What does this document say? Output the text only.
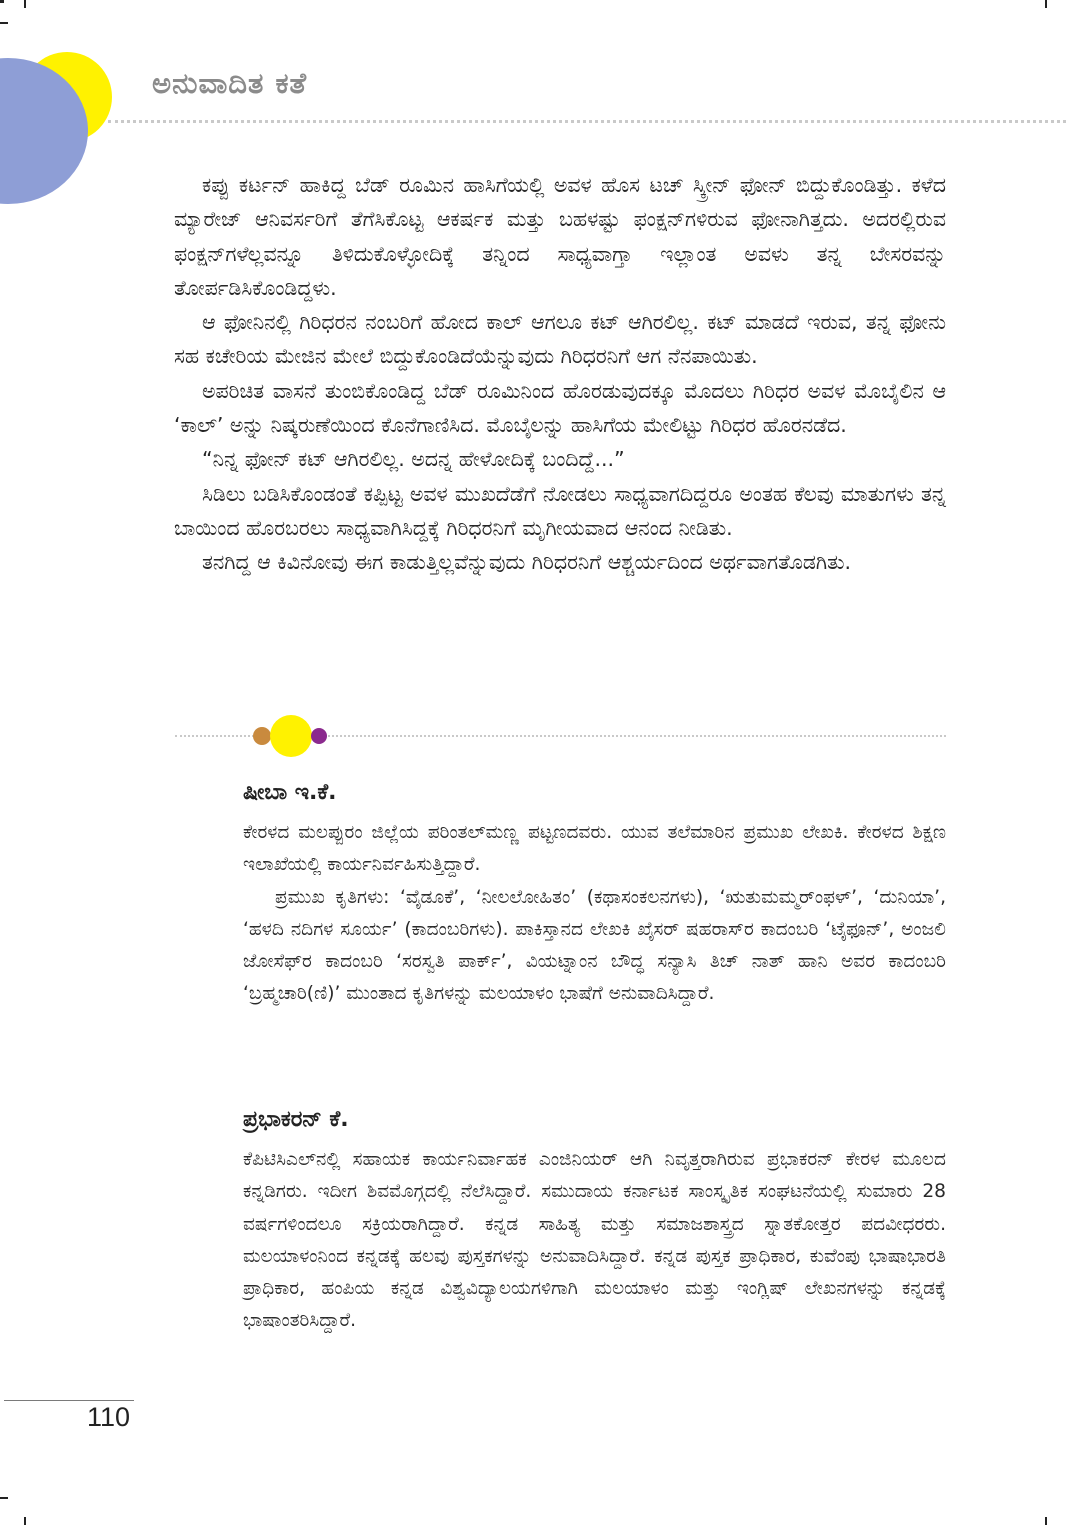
ಅನುವಾದಿತ ಕತೆ

ಕಪ್ಪು ಕರ್ಟನ್ ಹಾಕಿದ್ದ ಬೆಡ್ ರೂಮಿನ ಹಾಸಿಗೆಯಲ್ಲಿ ಅವಳ ಹೊಸ ಟಚ್ ಸ್ಕ್ರೀನ್ ಫೋನ್ ಬಿದ್ದುಕೊಂಡಿತ್ತು. ಕಳೆದ ಮ್ಯಾರೇಜ್ ಆನಿವರ್ಸರಿಗೆ ತೆಗೆಸಿಕೊಟ್ಟ ಆಕರ್ಷಕ ಮತ್ತು ಬಹಳಷ್ಟು ಫಂಕ್ಷನ್‌ಗಳಿರುವ ಫೋನಾಗಿತ್ತದು. ಅದರಲ್ಲಿರುವ ಫಂಕ್ಷನ್‌ಗಳೆಲ್ಲವನ್ನೂ ತಿಳಿದುಕೊಳ್ಳೋದಿಕ್ಕೆ ತನ್ನಿಂದ ಸಾಧ್ಯವಾಗ್ತಾ ಇಲ್ಲಾಂತ ಅವಳು ತನ್ನ ಬೇಸರವನ್ನು ತೋರ್ಪಡಿಸಿಕೊಂಡಿದ್ದಳು.

ಆ ಫೋನಿನಲ್ಲಿ ಗಿರಿಧರನ ನಂಬರಿಗೆ ಹೋದ ಕಾಲ್ ಆಗಲೂ ಕಟ್ ಆಗಿರಲಿಲ್ಲ. ಕಟ್ ಮಾಡದೆ ಇರುವ, ತನ್ನ ಫೋನು ಸಹ ಕಚೇರಿಯ ಮೇಜಿನ ಮೇಲೆ ಬಿದ್ದುಕೊಂಡಿದೆಯೆನ್ನುವುದು ಗಿರಿಧರನಿಗೆ ಆಗ ನೆನಪಾಯಿತು.

ಅಪರಿಚಿತ ವಾಸನೆ ತುಂಬಿಕೊಂಡಿದ್ದ ಬೆಡ್ ರೂಮಿನಿಂದ ಹೊರಡುವುದಕ್ಕೂ ಮೊದಲು ಗಿರಿಧರ ಅವಳ ಮೊಬೈಲಿನ ಆ ‘ಕಾಲ್’ ಅನ್ನು ನಿಷ್ಕರುಣೆಯಿಂದ ಕೊನೆಗಾಣಿಸಿದ. ಮೊಬೈಲನ್ನು ಹಾಸಿಗೆಯ ಮೇಲಿಟ್ಟು ಗಿರಿಧರ ಹೊರನಡೆದ.

“ನಿನ್ನ ಫೋನ್ ಕಟ್ ಆಗಿರಲಿಲ್ಲ. ಅದನ್ನ ಹೇಳೋದಿಕ್ಕೆ ಬಂದಿದ್ದೆ...”

ಸಿಡಿಲು ಬಡಿಸಿಕೊಂಡಂತೆ ಕಪ್ಪಿಟ್ಟ ಅವಳ ಮುಖದೆಡೆಗೆ ನೋಡಲು ಸಾಧ್ಯವಾಗದಿದ್ದರೂ ಅಂತಹ ಕೆಲವು ಮಾತುಗಳು ತನ್ನ ಬಾಯಿಂದ ಹೊರಬರಲು ಸಾಧ್ಯವಾಗಿಸಿದ್ದಕ್ಕೆ ಗಿರಿಧರನಿಗೆ ಮೃಗೀಯವಾದ ಆನಂದ ನೀಡಿತು.

ತನಗಿದ್ದ ಆ ಕಿವಿನೋವು ಈಗ ಕಾಡುತ್ತಿಲ್ಲವೆನ್ನುವುದು ಗಿರಿಧರನಿಗೆ ಆಶ್ಚರ್ಯದಿಂದ ಅರ್ಥವಾಗತೊಡಗಿತು.

ಷೀಬಾ ಇ.ಕೆ.

ಕೇರಳದ ಮಲಪ್ಪುರಂ ಜಿಲ್ಲೆಯ ಪರಿಂತಲ್‌ಮಣ್ಣ ಪಟ್ಟಣದವರು. ಯುವ ತಲೆಮಾರಿನ ಪ್ರಮುಖ ಲೇಖಕಿ. ಕೇರಳದ ಶಿಕ್ಷಣ ಇಲಾಖೆಯಲ್ಲಿ ಕಾರ್ಯನಿರ್ವಹಿಸುತ್ತಿದ್ದಾರೆ.

ಪ್ರಮುಖ ಕೃತಿಗಳು: ‘ವೈಡೂಕೆ’, ‘ನೀಲಲೋಹಿತಂ’ (ಕಥಾಸಂಕಲನಗಳು), ‘ಋತುಮಮ್ಮರ್ಂಫಳ್’, ‘ದುನಿಯಾ’, ‘ಹಳದಿ ನದಿಗಳ ಸೂರ್ಯ’ (ಕಾದಂಬರಿಗಳು). ಪಾಕಿಸ್ತಾನದ ಲೇಖಕಿ ಖೈಸರ್ ಷಹರಾಸ್‌ರ ಕಾದಂಬರಿ ‘ಟೈಫೂನ್’, ಅಂಜಲಿ ಜೋಸೆಫ್‌ರ ಕಾದಂಬರಿ ‘ಸರಸ್ವತಿ ಪಾರ್ಕ್’, ವಿಯಟ್ನಾಂನ ಬೌದ್ಧ ಸನ್ಯಾಸಿ ತಿಚ್ ನಾತ್ ಹಾನಿ ಅವರ ಕಾದಂಬರಿ ‘ಬ್ರಹ್ಮಚಾರಿ(ಣಿ)’ ಮುಂತಾದ ಕೃತಿಗಳನ್ನು ಮಲಯಾಳಂ ಭಾಷೆಗೆ ಅನುವಾದಿಸಿದ್ದಾರೆ.

ಪ್ರಭಾಕರನ್ ಕೆ.

ಕೆಪಿಟಿಸಿಎಲ್‌ನಲ್ಲಿ ಸಹಾಯಕ ಕಾರ್ಯನಿರ್ವಾಹಕ ಎಂಜಿನಿಯರ್ ಆಗಿ ನಿವೃತ್ತರಾಗಿರುವ ಪ್ರಭಾಕರನ್ ಕೇರಳ ಮೂಲದ ಕನ್ನಡಿಗರು. ಇದೀಗ ಶಿವಮೊಗ್ಗದಲ್ಲಿ ನೆಲೆಸಿದ್ದಾರೆ. ಸಮುದಾಯ ಕರ್ನಾಟಕ ಸಾಂಸ್ಕೃತಿಕ ಸಂಘಟನೆಯಲ್ಲಿ ಸುಮಾರು 28 ವರ್ಷಗಳಿಂದಲೂ ಸಕ್ರಿಯರಾಗಿದ್ದಾರೆ. ಕನ್ನಡ ಸಾಹಿತ್ಯ ಮತ್ತು ಸಮಾಜಶಾಸ್ತ್ರದ ಸ್ನಾತಕೋತ್ತರ ಪದವೀಧರರು. ಮಲಯಾಳಂನಿಂದ ಕನ್ನಡಕ್ಕೆ ಹಲವು ಪುಸ್ತಕಗಳನ್ನು ಅನುವಾದಿಸಿದ್ದಾರೆ. ಕನ್ನಡ ಪುಸ್ತಕ ಪ್ರಾಧಿಕಾರ, ಕುವೆಂಪು ಭಾಷಾಭಾರತಿ ಪ್ರಾಧಿಕಾರ, ಹಂಪಿಯ ಕನ್ನಡ ವಿಶ್ವವಿದ್ಯಾಲಯಗಳಿಗಾಗಿ ಮಲಯಾಳಂ ಮತ್ತು ಇಂಗ್ಲಿಷ್ ಲೇಖನಗಳನ್ನು ಕನ್ನಡಕ್ಕೆ ಭಾಷಾಂತರಿಸಿದ್ದಾರೆ.

110
